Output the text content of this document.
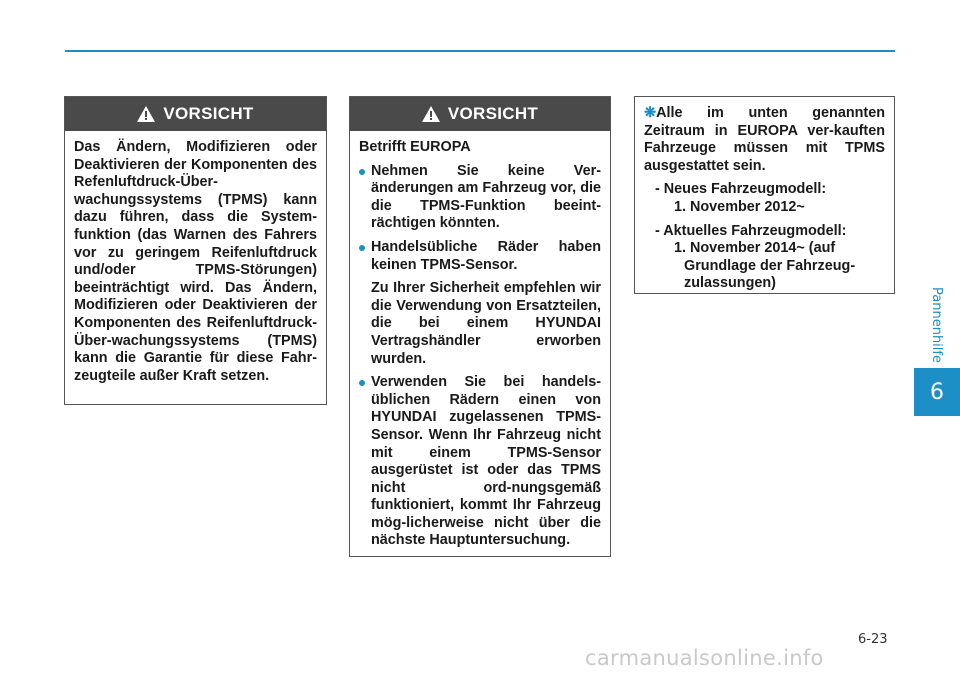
Pannenhilfe
6
VORSICHT
Das Ändern, Modifizieren oder Deaktivieren der Komponenten des Refenluftdruck-Über-wachungssystems (TPMS) kann dazu führen, dass die System-funktion (das Warnen des Fahrers vor zu geringem Reifenluftdruck und/oder TPMS-Störungen) beeinträchtigt wird. Das Ändern, Modifizieren oder Deaktivieren der Komponenten des Reifenluftdruck-Über-wachungssystems (TPMS) kann die Garantie für diese Fahr-zeugteile außer Kraft setzen.
VORSICHT
Betrifft EUROPA
Nehmen Sie keine Ver-änderungen am Fahrzeug vor, die die TPMS-Funktion beeint-rächtigen könnten.
Handelsübliche Räder haben keinen TPMS-Sensor.
Zu Ihrer Sicherheit empfehlen wir die Verwendung von Ersatzteilen, die bei einem HYUNDAI Vertragshändler erworben wurden.
Verwenden Sie bei handels-üblichen Rädern einen von HYUNDAI zugelassenen TPMS-Sensor. Wenn Ihr Fahrzeug nicht mit einem TPMS-Sensor ausgerüstet ist oder das TPMS nicht ord-nungsgemäß funktioniert, kommt Ihr Fahrzeug mög-licherweise nicht über die nächste Hauptuntersuchung.
❋Alle im unten genannten Zeitraum in EUROPA ver-kauften Fahrzeuge müssen mit TPMS ausgestattet sein.
- Neues Fahrzeugmodell:
1. November 2012~
- Aktuelles Fahrzeugmodell:
1. November 2014~ (auf
Grundlage der Fahrzeug-
zulassungen)
6-23
carmanualsonline.info
